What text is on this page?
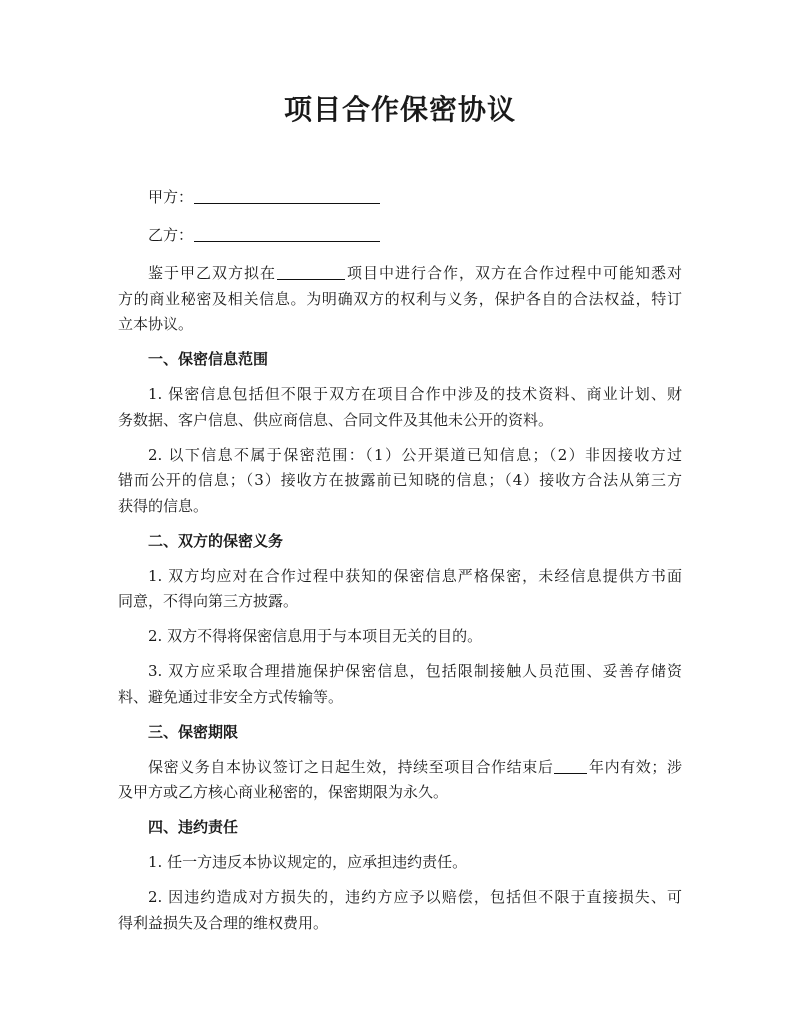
项目合作保密协议
甲方：
乙方：
鉴于甲乙双方拟在	项目中进行合作，双方在合作过程中可能知悉对
方的商业秘密及相关信息。为明确双方的权利与义务，保护各自的合法权益，特订
立本协议。
一、保密信息范围
1. 保密信息包括但不限于双方在项目合作中涉及的技术资料、商业计划、财
务数据、客户信息、供应商信息、合同文件及其他未公开的资料。
2. 以下信息不属于保密范围：（1）公开渠道已知信息；（2）非因接收方过
错而公开的信息；（3）接收方在披露前已知晓的信息；（4）接收方合法从第三方
获得的信息。
二、双方的保密义务
1. 双方均应对在合作过程中获知的保密信息严格保密，未经信息提供方书面
同意，不得向第三方披露。
2. 双方不得将保密信息用于与本项目无关的目的。
3. 双方应采取合理措施保护保密信息，包括限制接触人员范围、妥善存储资
料、避免通过非安全方式传输等。
三、保密期限
保密义务自本协议签订之日起生效，持续至项目合作结束后 年内有效；涉
及甲方或乙方核心商业秘密的，保密期限为永久。
四、违约责任
1. 任一方违反本协议规定的，应承担违约责任。
2. 因违约造成对方损失的，违约方应予以赔偿，包括但不限于直接损失、可
得利益损失及合理的维权费用。
